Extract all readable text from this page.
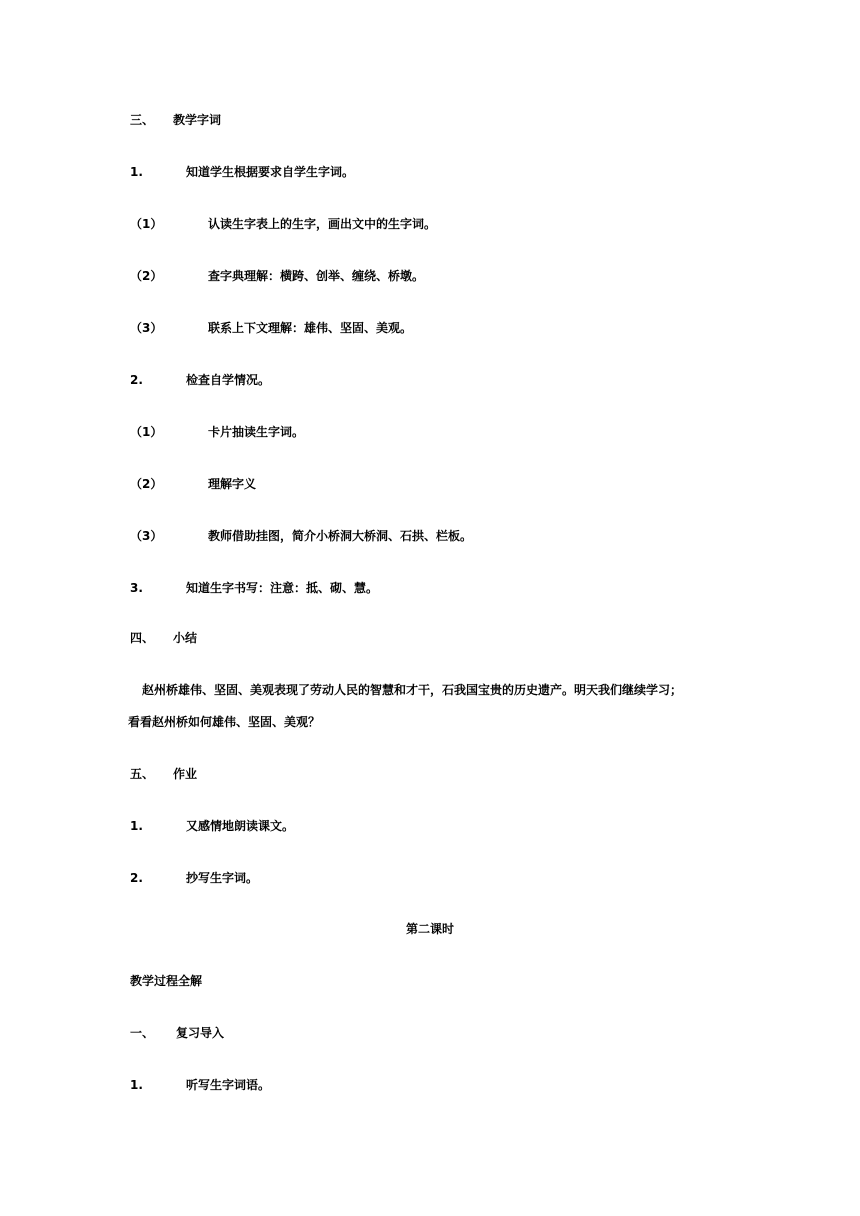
三、 教学字词
1.	知道学生根据要求自学生字词。
（1）	认读生字表上的生字，画出文中的生字词。
（2）	查字典理解：横跨、创举、缠绕、桥墩。
（3）	联系上下文理解：雄伟、坚固、美观。
2.	检查自学情况。
（1）	卡片抽读生字词。
（2）	理解字义
（3）	教师借助挂图，简介小桥洞大桥洞、石拱、栏板。
3.	知道生字书写：注意：抵、砌、慧。
四、 小结
赵州桥雄伟、坚固、美观表现了劳动人民的智慧和才干，石我国宝贵的历史遗产。明天我们继续学习；
看看赵州桥如何雄伟、坚固、美观？
五、 作业
1.	又感情地朗读课文。
2.	抄写生字词。
第二课时
教学过程全解
一、 复习导入
1.	听写生字词语。
